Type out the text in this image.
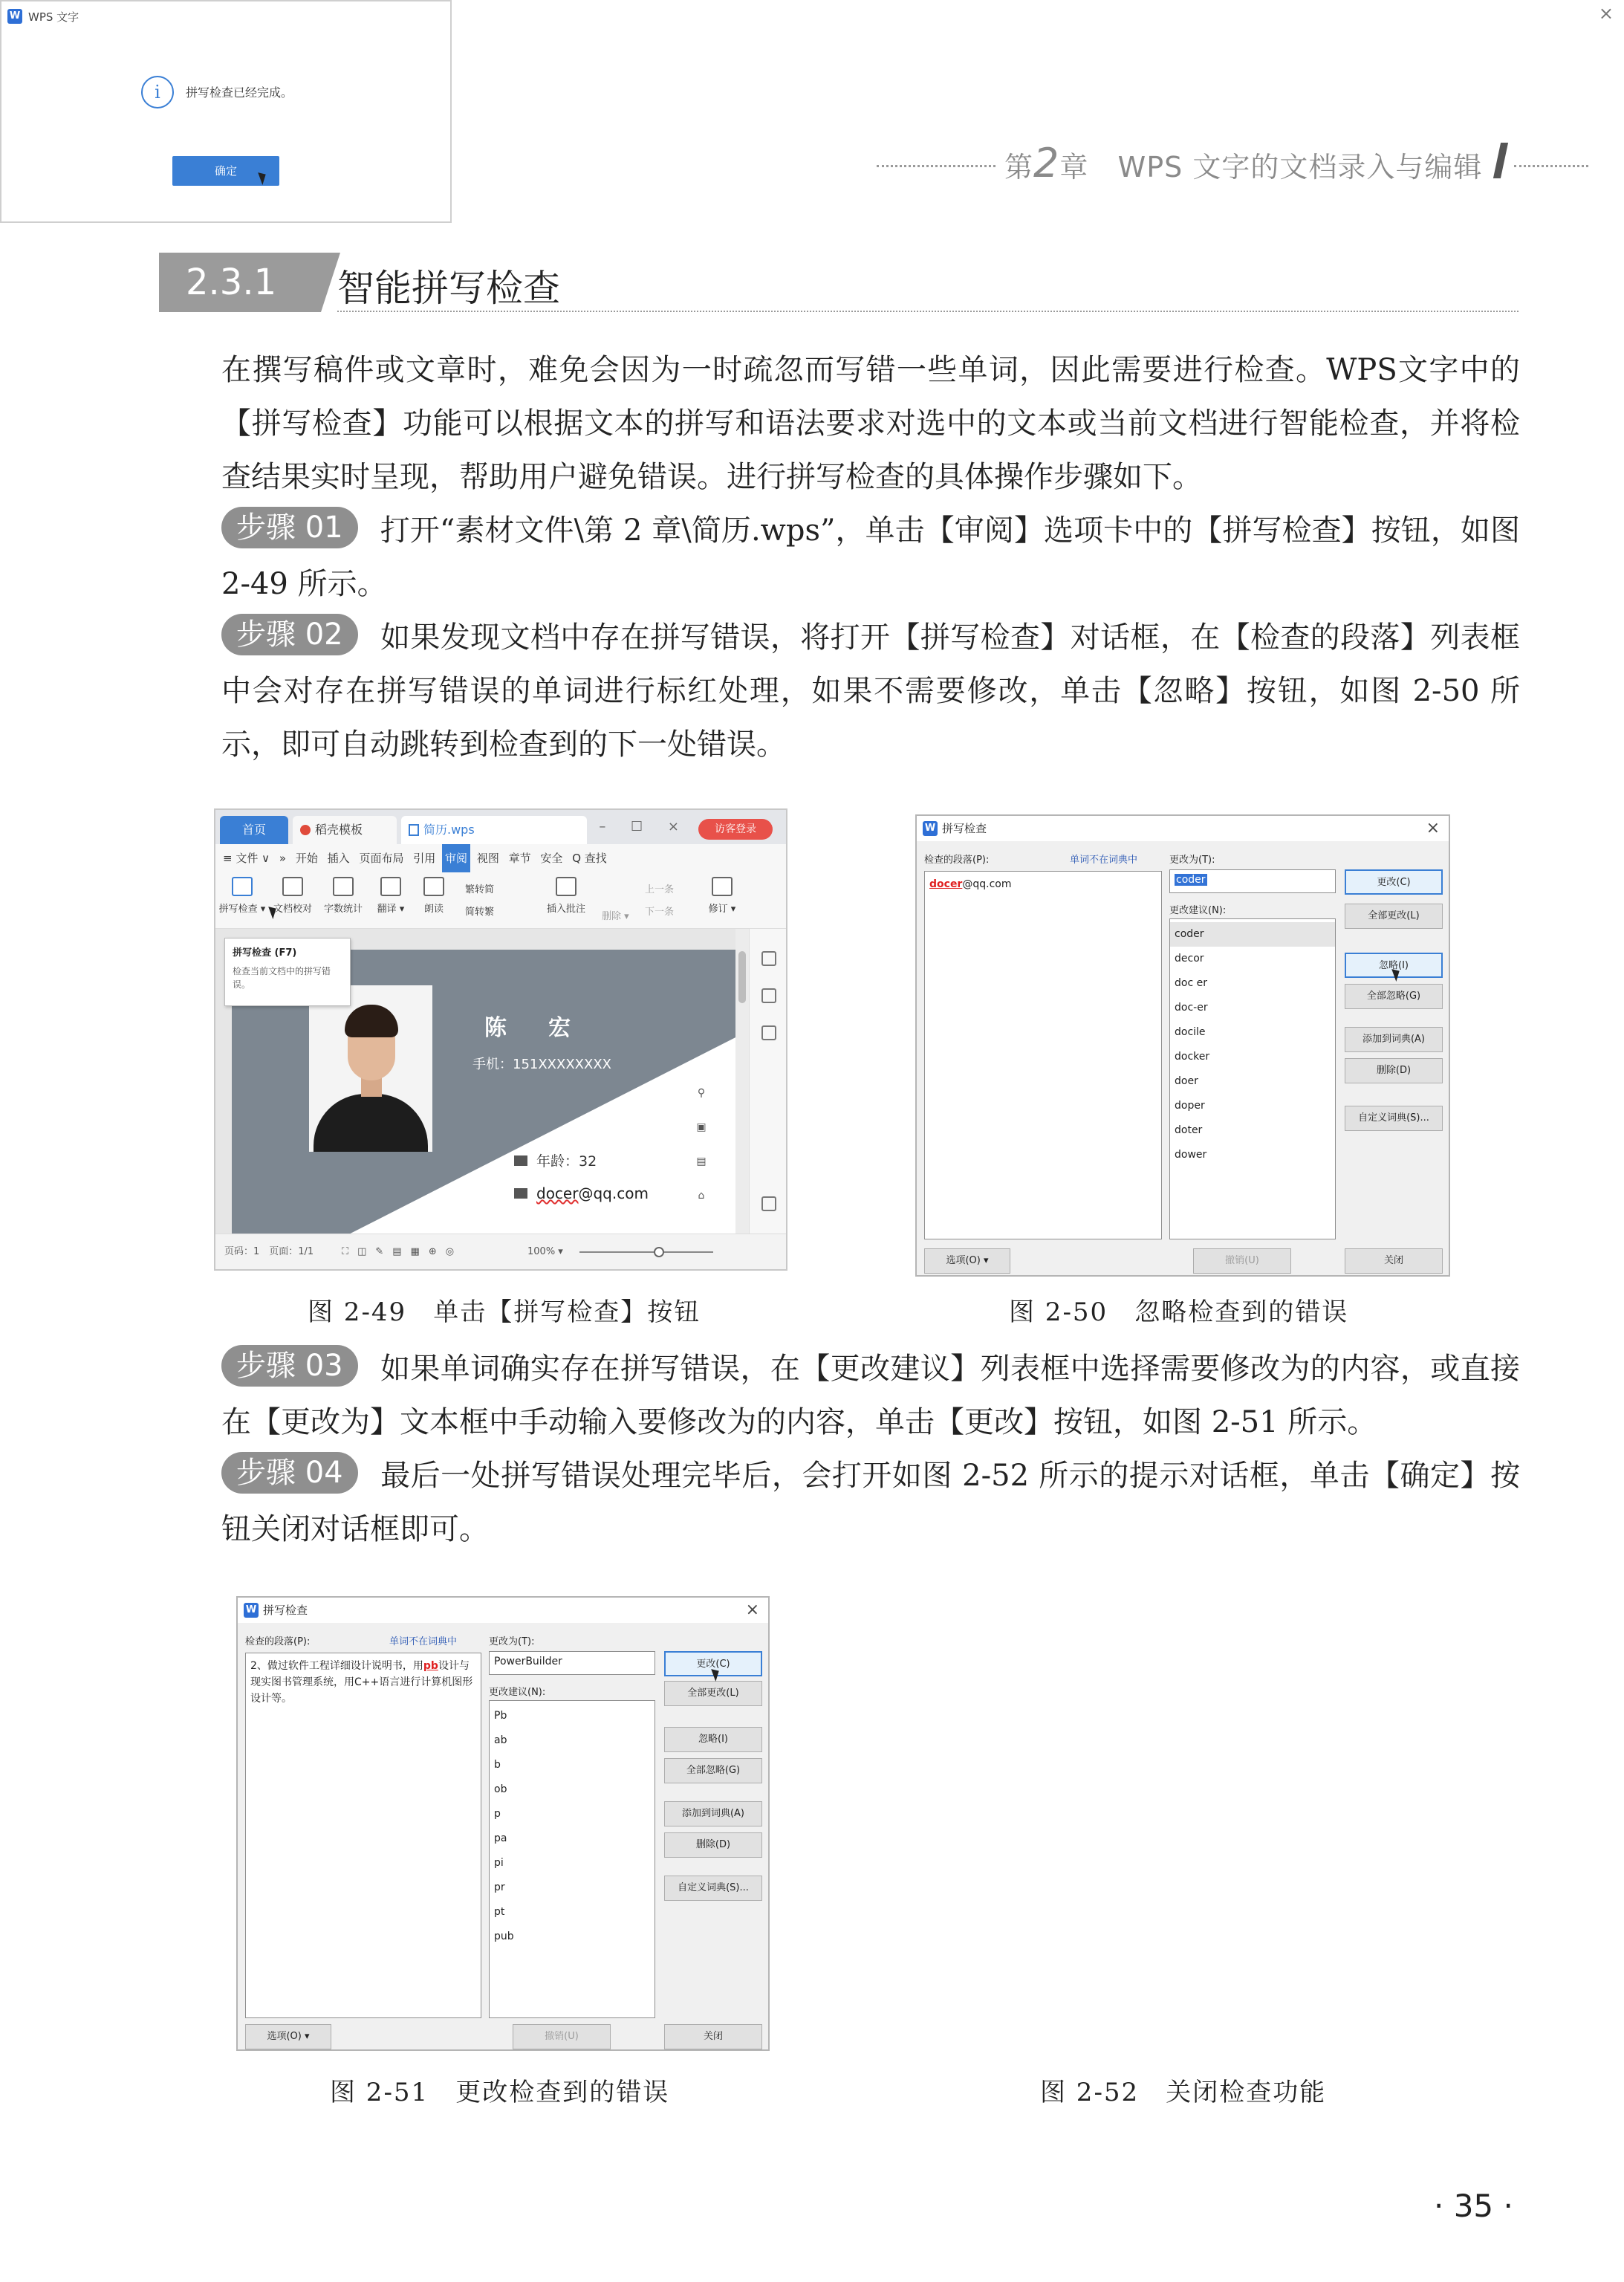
第2章 WPS 文字的文档录入与编辑
2.3.1	智能拼写检查
在撰写稿件或文章时，难免会因为一时疏忽而写错一些单词，因此需要进行检查。WPS文字中的【拼写检查】功能可以根据文本的拼写和语法要求对选中的文本或当前文档进行智能检查，并将检查结果实时呈现，帮助用户避免错误。进行拼写检查的具体操作步骤如下。
步骤 01 打开“素材文件\第 2 章\简历.wps”，单击【审阅】选项卡中的【拼写检查】按钮，如图 2-49 所示。
步骤 02 如果发现文档中存在拼写错误，将打开【拼写检查】对话框，在【检查的段落】列表框中会对存在拼写错误的单词进行标红处理，如果不需要修改，单击【忽略】按钮，如图 2-50 所示，即可自动跳转到检查到的下一处错误。
首页	稻壳模板	简历.wps	– ☐ ×	访客登录
≡ 文件 ∨ » 开始 插入 页面布局 引用 审阅 视图 章节 安全 Q 查找
拼写检查 ▾ 文档校对	字数统计	翻译 ▾	朗读
繁转简
简转繁	插入批注
删除 ▾
上一条
下一条	修订 ▾
陈宏
手机：151XXXXXXXX
年龄：32
docer@qq.com
⚲
▣
▤
⌂
拼写检查 (F7)
检查当前文档中的拼写错误。
页码：1　页面：1/1	⛶◫✎▤▦⊕◎	100% ▾
图 2-49　单击【拼写检查】按钮
W 拼写检查	×
检查的段落(P):	单词不在词典中	更改为(T):
docer@qq.com	coder
更改建议(N):
coder
decor
doc er
doc-er
docile
docker
doer
doper
doter
dower
更改(C)
全部更改(L)
忽略(I)
全部忽略(G)
添加到词典(A)
删除(D)
自定义词典(S)...
选项(O) ▾	撤销(U)	关闭
图 2-50　忽略检查到的错误
步骤 03 如果单词确实存在拼写错误，在【更改建议】列表框中选择需要修改为的内容，或直接在【更改为】文本框中手动输入要修改为的内容，单击【更改】按钮，如图 2-51 所示。
步骤 04 最后一处拼写错误处理完毕后，会打开如图 2-52 所示的提示对话框，单击【确定】按钮关闭对话框即可。
W 拼写检查	×
检查的段落(P):	单词不在词典中	更改为(T):
2、做过软件工程详细设计说明书，用pb设计与现实图书管理系统，用C++语言进行计算机图形设计等。
PowerBuilder
更改建议(N):
Pb
ab
b
ob
p
pa
pi
pr
pt
pub
更改(C)
全部更改(L)
忽略(I)
全部忽略(G)
添加到词典(A)
删除(D)
自定义词典(S)...
选项(O) ▾	撤销(U)	关闭
图 2-51　更改检查到的错误
W WPS 文字	×
i	拼写检查已经完成。
确定
图 2-52　关闭检查功能
· 35 ·
